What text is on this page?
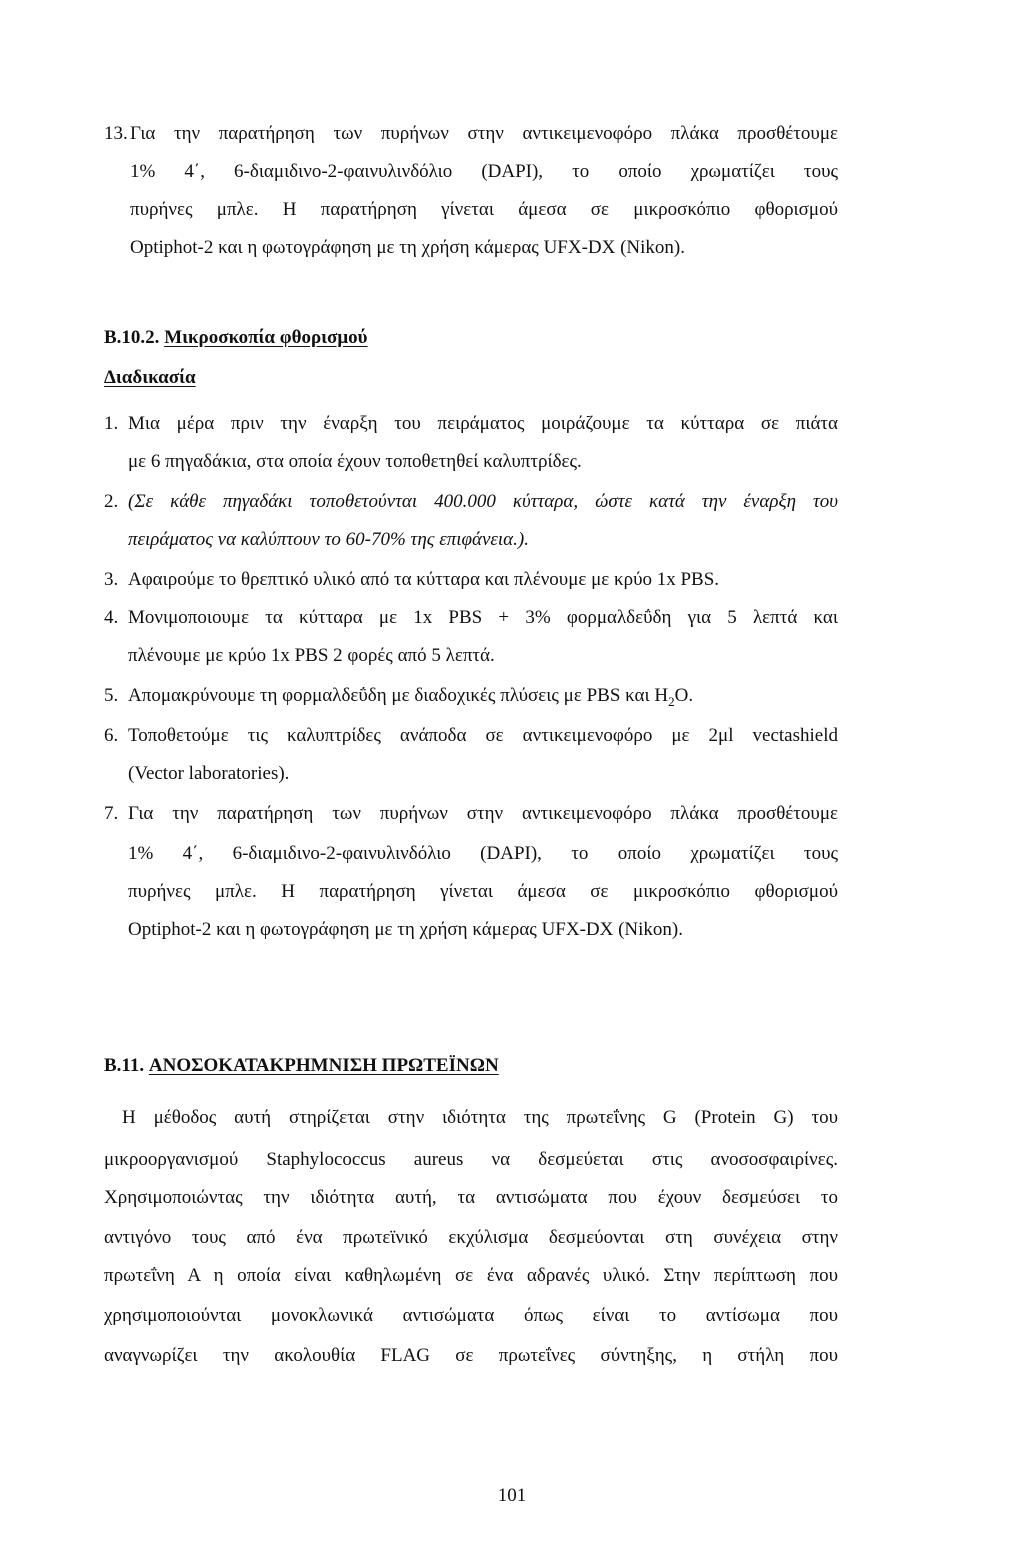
13. Για την παρατήρηση των πυρήνων στην αντικειμενοφόρο πλάκα προσθέτουμε
1% 4΄, 6-διαμιδινο-2-φαινυλινδόλιο (DAPI), το οποίο χρωματίζει τους
πυρήνες μπλε. Η παρατήρηση γίνεται άμεσα σε μικροσκόπιο φθορισμού
Optiphot-2 και η φωτογράφηση με τη χρήση κάμερας UFX-DX (Nikon).
B.10.2. Μικροσκοπία φθορισμού
Διαδικασία
1. Μια μέρα πριν την έναρξη του πειράματος μοιράζουμε τα κύτταρα σε πιάτα
με 6 πηγαδάκια, στα οποία έχουν τοποθετηθεί καλυπτρίδες.
2. (Σε κάθε πηγαδάκι τοποθετούνται 400.000 κύτταρα, ώστε κατά την έναρξη του
πειράματος να καλύπτουν το 60-70% της επιφάνεια.).
3. Αφαιρούμε το θρεπτικό υλικό από τα κύτταρα και πλένουμε με κρύο 1x PBS.
4. Μονιμοποιουμε τα κύτταρα με 1x PBS + 3% φορμαλδεΰδη για 5 λεπτά και
πλένουμε με κρύο 1x PBS 2 φορές από 5 λεπτά.
5. Απομακρύνουμε τη φορμαλδεΰδη με διαδοχικές πλύσεις με PBS και $H_2O$.
6. Τοποθετούμε τις καλυπτρίδες ανάποδα σε αντικειμενοφόρο με 2μl vectashield
(Vector laboratories).
7. Για την παρατήρηση των πυρήνων στην αντικειμενοφόρο πλάκα προσθέτουμε
1% 4΄, 6-διαμιδινο-2-φαινυλινδόλιο (DAPI), το οποίο χρωματίζει τους
πυρήνες μπλε. Η παρατήρηση γίνεται άμεσα σε μικροσκόπιο φθορισμού
Optiphot-2 και η φωτογράφηση με τη χρήση κάμερας UFX-DX (Nikon).
B.11. ΑΝΟΣΟΚΑΤΑΚΡΗΜΝΙΣΗ ΠΡΩΤΕΪΝΩΝ
Η μέθοδος αυτή στηρίζεται στην ιδιότητα της πρωτεΐνης G (Protein G) του
μικροοργανισμού Staphylococcus aureus να δεσμεύεται στις ανοσοσφαιρίνες.
Χρησιμοποιώντας την ιδιότητα αυτή, τα αντισώματα που έχουν δεσμεύσει το
αντιγόνο τους από ένα πρωτεϊνικό εκχύλισμα δεσμεύονται στη συνέχεια στην
πρωτεΐνη Α η οποία είναι καθηλωμένη σε ένα αδρανές υλικό. Στην περίπτωση που
χρησιμοποιούνται μονοκλωνικά αντισώματα όπως είναι το αντίσωμα που
αναγνωρίζει την ακολουθία FLAG σε πρωτεΐνες σύντηξης, η στήλη που
101
